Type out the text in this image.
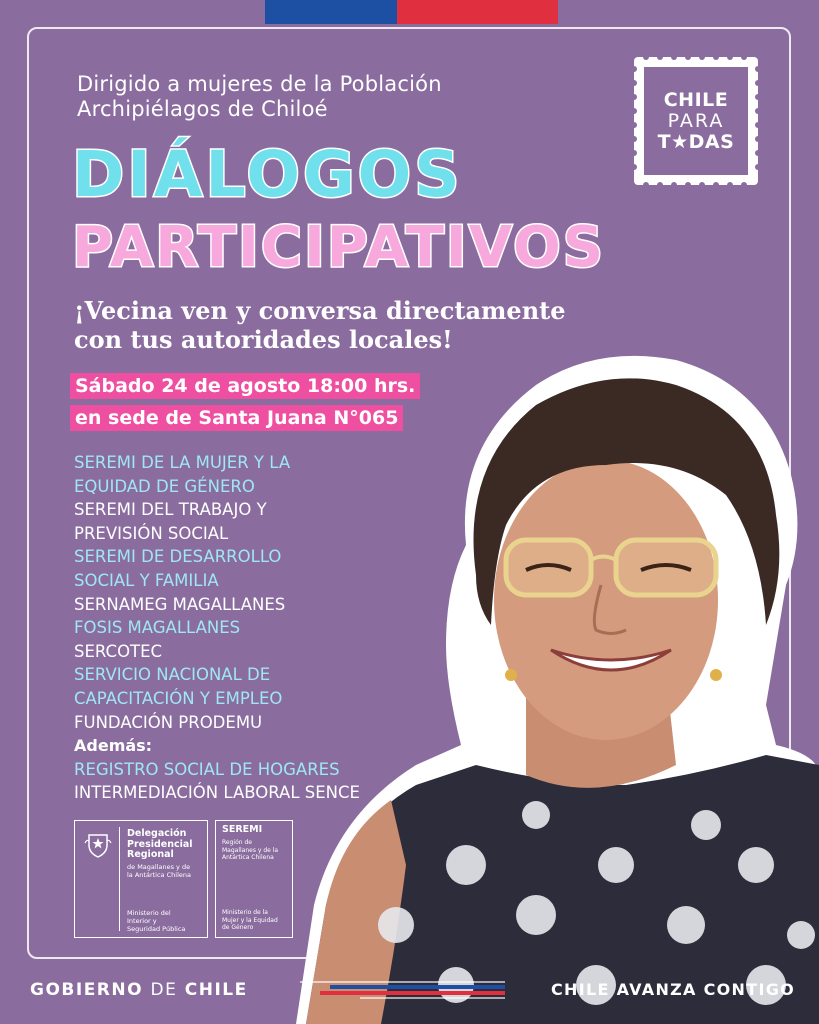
Dirigido a mujeres de la Población
Archipiélagos de Chiloé	CHILE
PARA
T★DAS
DIÁLOGOS
PARTICIPATIVOS
¡Vecina ven y conversa directamente
con tus autoridades locales!
Sábado 24 de agosto 18:00 hrs.
en sede de Santa Juana N°065
SEREMI DE LA MUJER Y LA
EQUIDAD DE GÉNERO
SEREMI DEL TRABAJO Y
PREVISIÓN SOCIAL
SEREMI DE DESARROLLO
SOCIAL Y FAMILIA
SERNAMEG MAGALLANES
FOSIS MAGALLANES
SERCOTEC
SERVICIO NACIONAL DE
CAPACITACIÓN Y EMPLEO
FUNDACIÓN PRODEMU
Además:
REGISTRO SOCIAL DE HOGARES
INTERMEDIACIÓN LABORAL SENCE
Delegación
Presidencial
Regional
de Magallanes y de
la Antártica Chilena
Ministerio del
Interior y
Seguridad Pública
SEREMI
Región de
Magallanes y de la
Antártica Chilena
Ministerio de la
Mujer y la Equidad
de Género
GOBIERNO DE CHILE	CHILE AVANZA CONTIGO
